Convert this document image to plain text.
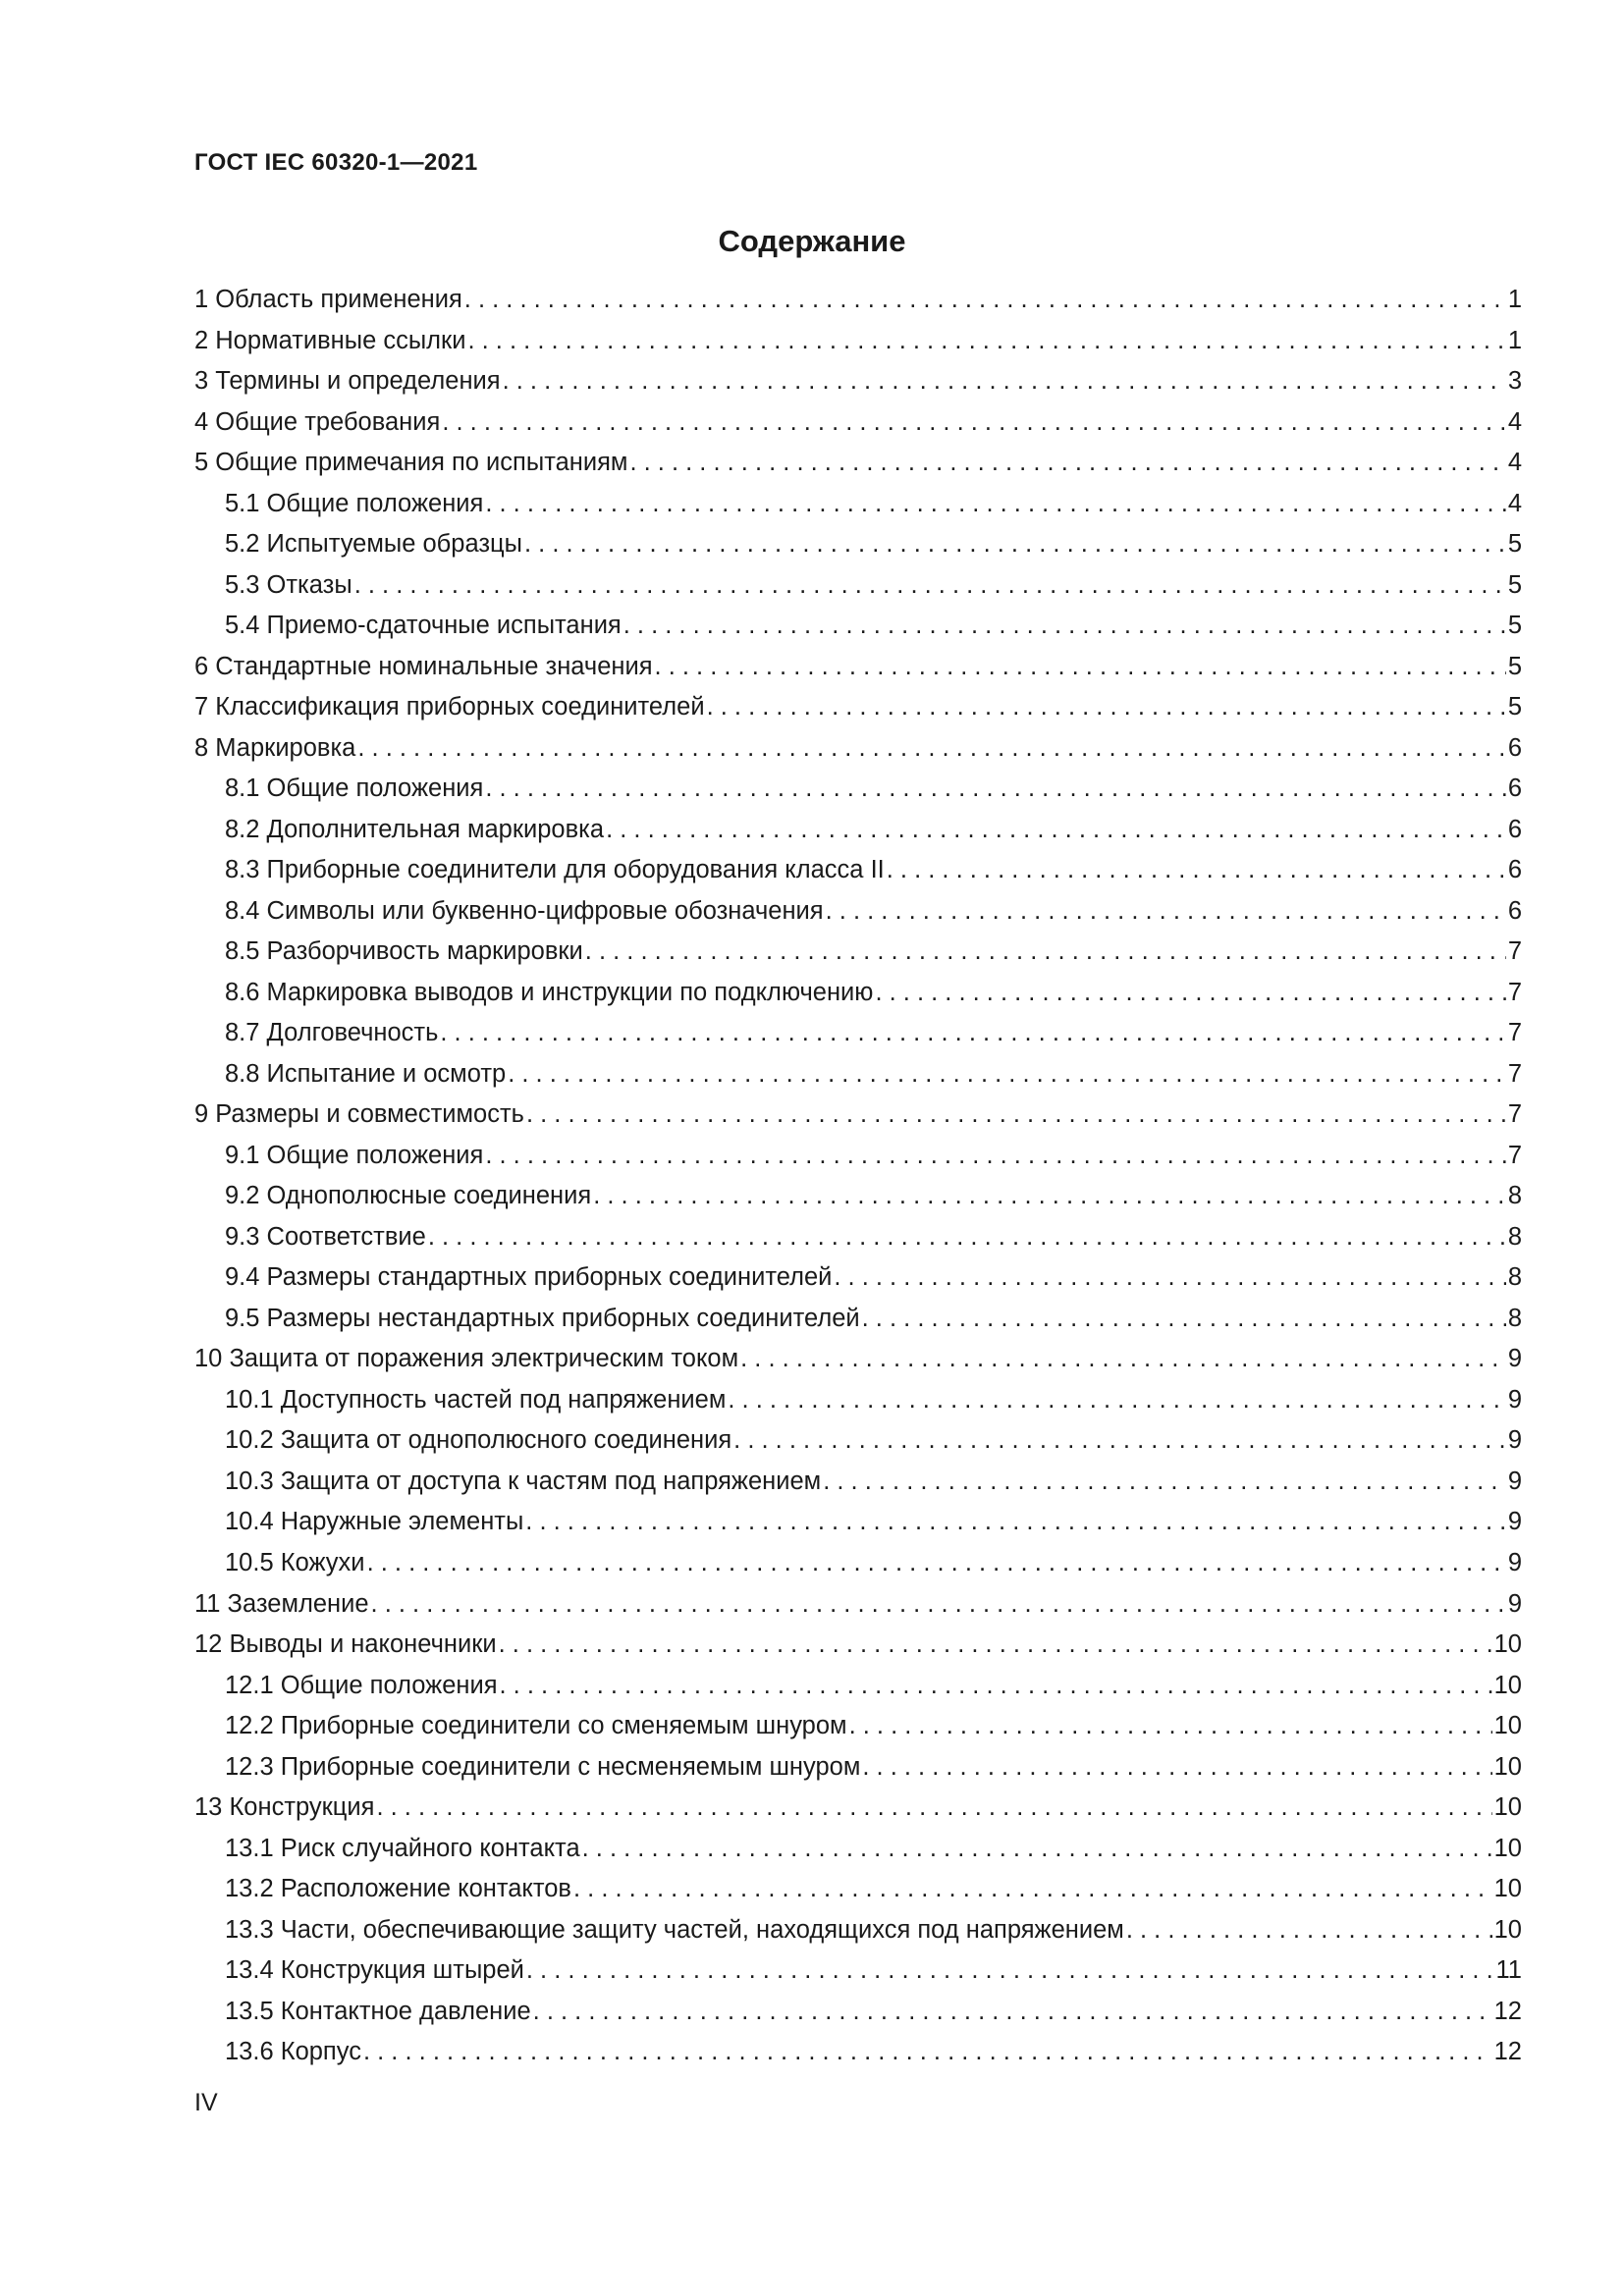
ГОСТ IEC 60320-1—2021
Содержание
1 Область применения . . .	1
2 Нормативные ссылки . . .	1
3 Термины и определения . . .	3
4 Общие требования . . .	4
5 Общие примечания по испытаниям . . .	4
5.1 Общие положения . . .	4
5.2 Испытуемые образцы . . .	5
5.3 Отказы . . .	5
5.4 Приемо-сдаточные испытания . . .	5
6 Стандартные номинальные значения . . .	5
7 Классификация приборных соединителей . . .	5
8 Маркировка . . .	6
8.1 Общие положения . . .	6
8.2 Дополнительная маркировка . . .	6
8.3 Приборные соединители для оборудования класса II . . .	6
8.4 Символы или буквенно-цифровые обозначения . . .	6
8.5 Разборчивость маркировки . . .	7
8.6 Маркировка выводов и инструкции по подключению . . .	7
8.7 Долговечность . . .	7
8.8 Испытание и осмотр . . .	7
9 Размеры и совместимость . . .	7
9.1 Общие положения . . .	7
9.2 Однополюсные соединения . . .	8
9.3 Соответствие . . .	8
9.4 Размеры стандартных приборных соединителей . . .	8
9.5 Размеры нестандартных приборных соединителей . . .	8
10 Защита от поражения электрическим током . . .	9
10.1 Доступность частей под напряжением . . .	9
10.2 Защита от однополюсного соединения . . .	9
10.3 Защита от доступа к частям под напряжением . . .	9
10.4 Наружные элементы . . .	9
10.5 Кожухи . . .	9
11 Заземление . . .	9
12 Выводы и наконечники . . .	10
12.1 Общие положения . . .	10
12.2 Приборные соединители со сменяемым шнуром . . .	10
12.3 Приборные соединители с несменяемым шнуром . . .	10
13 Конструкция . . .	10
13.1 Риск случайного контакта . . .	10
13.2 Расположение контактов . . .	10
13.3 Части, обеспечивающие защиту частей, находящихся под напряжением . . .	10
13.4 Конструкция штырей . . .	11
13.5 Контактное давление . . .	12
13.6 Корпус . . .	12
IV
